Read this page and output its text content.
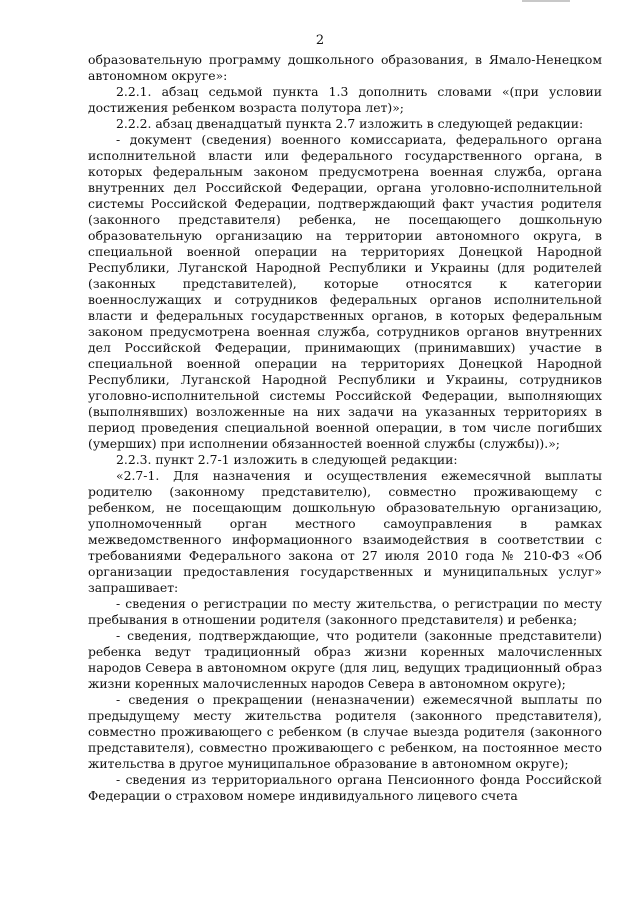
2

образовательную программу дошкольного образования, в Ямало-Ненецком автономном округе»:

2.2.1. абзац седьмой пункта 1.3 дополнить словами «(при условии достижения ребенком возраста полутора лет)»;

2.2.2. абзац двенадцатый пункта 2.7 изложить в следующей редакции:

- документ (сведения) военного комиссариата, федерального органа исполнительной власти или федерального государственного органа, в которых федеральным законом предусмотрена военная служба, органа внутренних дел Российской Федерации, органа уголовно-исполнительной системы Российской Федерации, подтверждающий факт участия родителя (законного представителя) ребенка, не посещающего дошкольную образовательную организацию на территории автономного округа, в специальной военной операции на территориях Донецкой Народной Республики, Луганской Народной Республики и Украины (для родителей (законных представителей), которые относятся к категории военнослужащих и сотрудников федеральных органов исполнительной власти и федеральных государственных органов, в которых федеральным законом предусмотрена военная служба, сотрудников органов внутренних дел Российской Федерации, принимающих (принимавших) участие в специальной военной операции на территориях Донецкой Народной Республики, Луганской Народной Республики и Украины, сотрудников уголовно-исполнительной системы Российской Федерации, выполняющих (выполнявших) возложенные на них задачи на указанных территориях в период проведения специальной военной операции, в том числе погибших (умерших) при исполнении обязанностей военной службы (службы)).»;

2.2.3. пункт 2.7-1 изложить в следующей редакции:

«2.7-1. Для назначения и осуществления ежемесячной выплаты родителю (законному представителю), совместно проживающему с ребенком, не посещающим дошкольную образовательную организацию, уполномоченный орган местного самоуправления в рамках межведомственного информационного взаимодействия в соответствии с требованиями Федерального закона от 27 июля 2010 года № 210-ФЗ «Об организации предоставления государственных и муниципальных услуг» запрашивает:

- сведения о регистрации по месту жительства, о регистрации по месту пребывания в отношении родителя (законного представителя) и ребенка;

- сведения, подтверждающие, что родители (законные представители) ребенка ведут традиционный образ жизни коренных малочисленных народов Севера в автономном округе (для лиц, ведущих традиционный образ жизни коренных малочисленных народов Севера в автономном округе);

- сведения о прекращении (неназначении) ежемесячной выплаты по предыдущему месту жительства родителя (законного представителя), совместно проживающего с ребенком (в случае выезда родителя (законного представителя), совместно проживающего с ребенком, на постоянное место жительства в другое муниципальное образование в автономном округе);

- сведения из территориального органа Пенсионного фонда Российской Федерации о страховом номере индивидуального лицевого счета
